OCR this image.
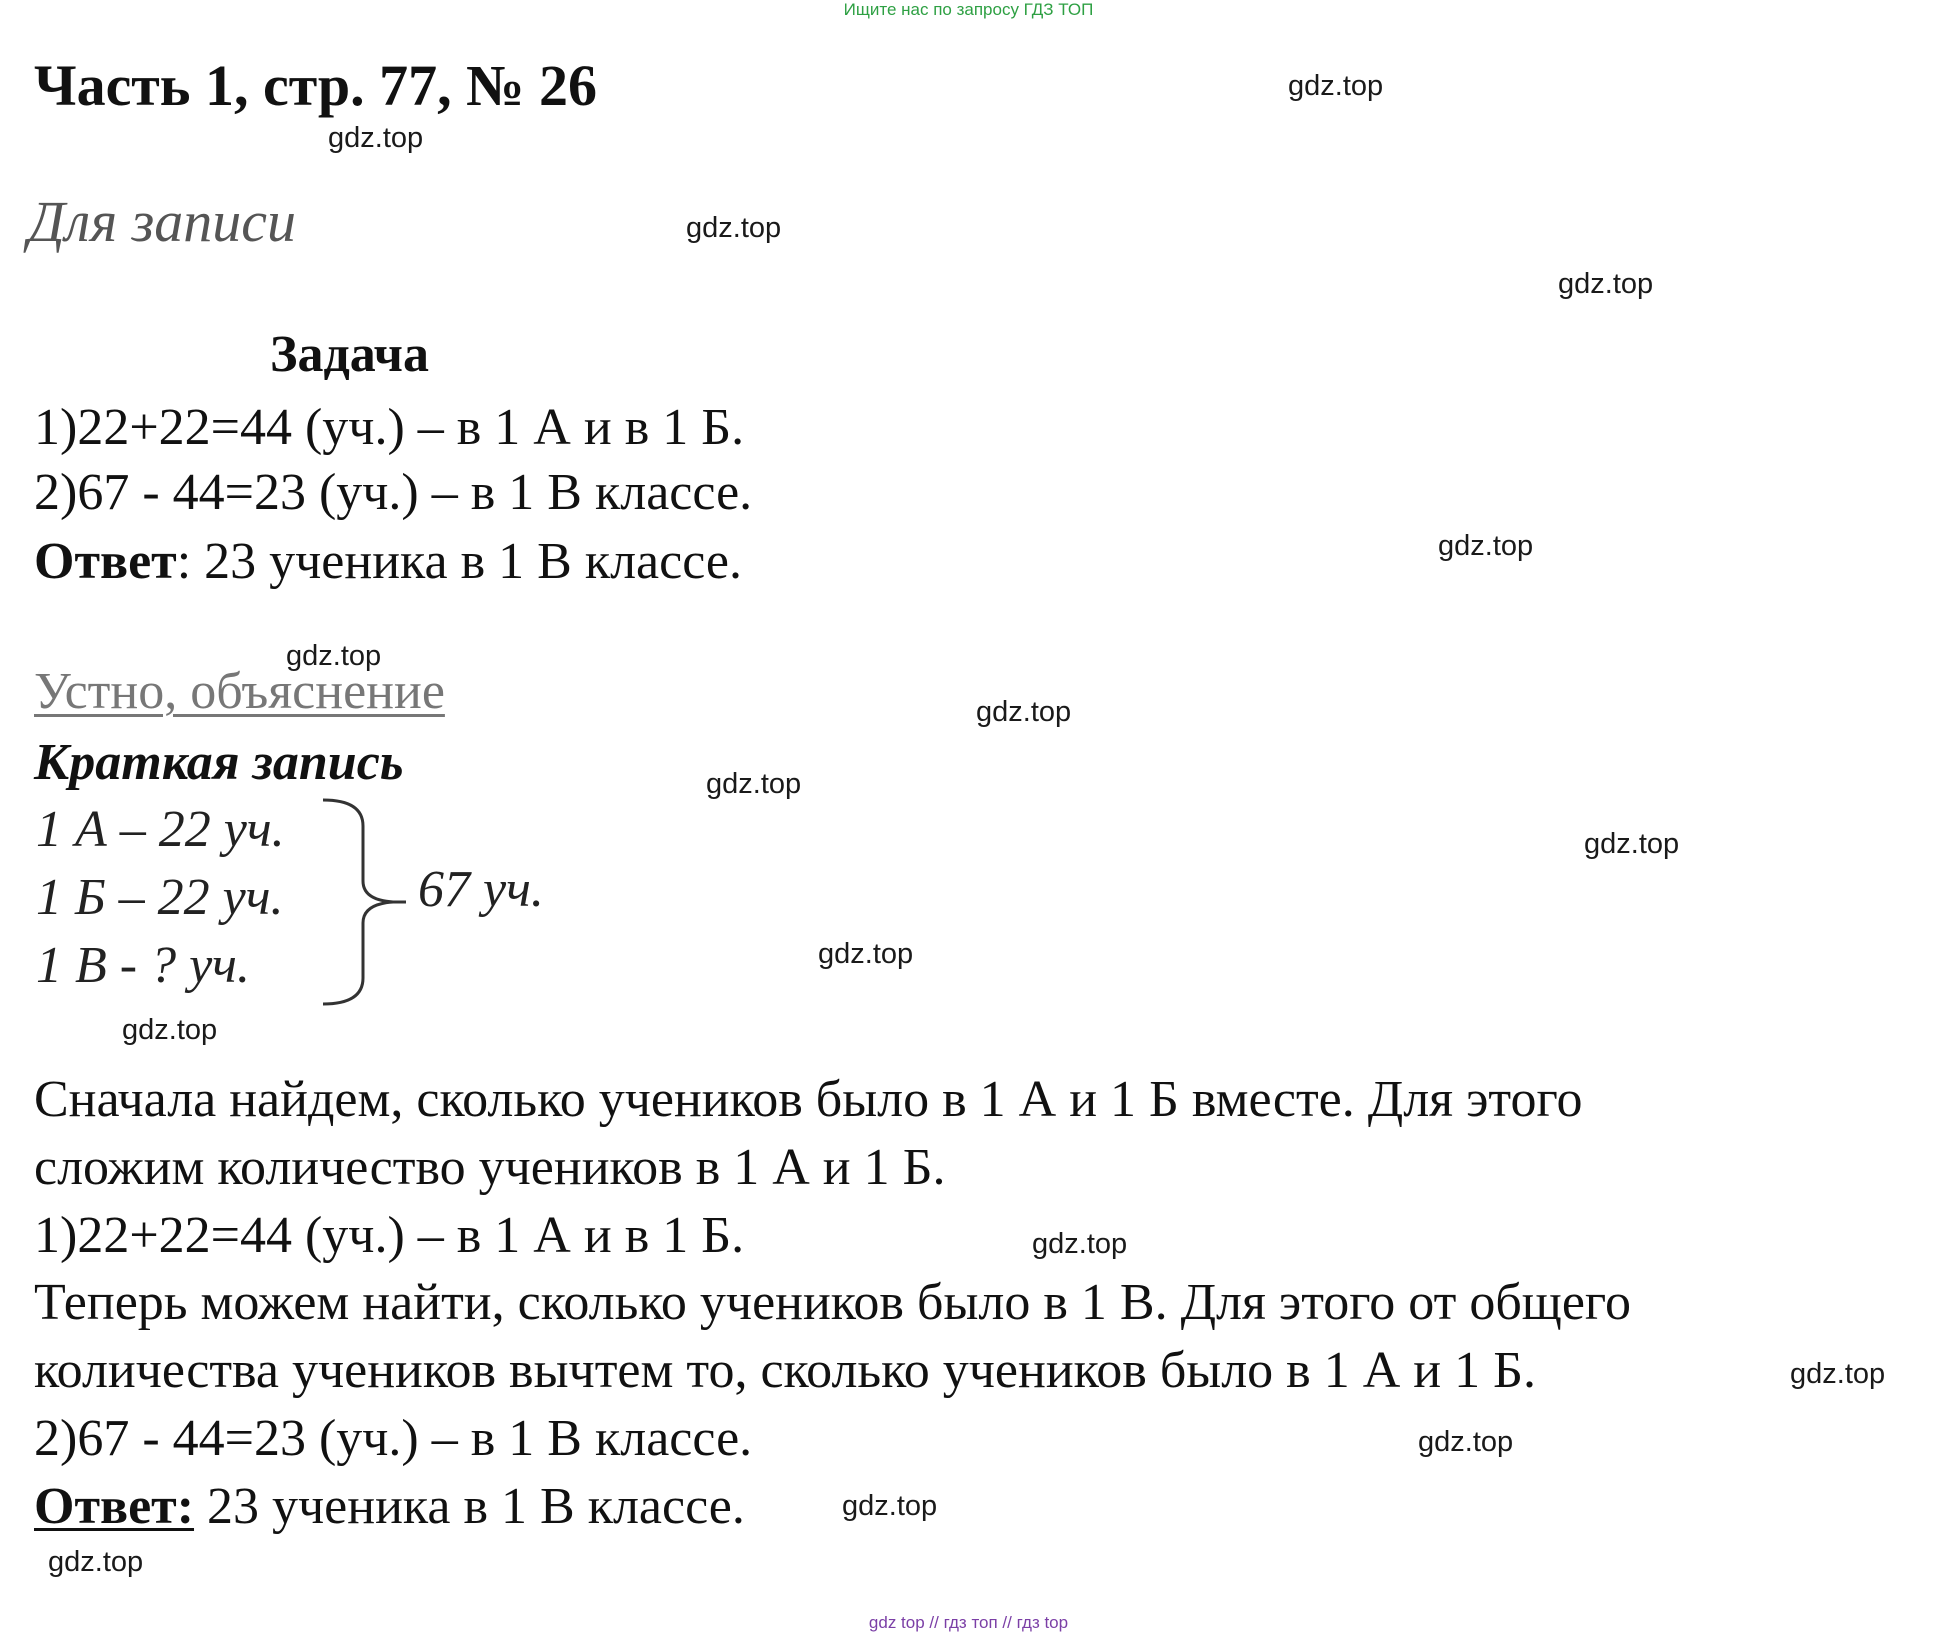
Ищите нас по запросу ГДЗ ТОП
Часть 1, стр. 77, № 26
Для записи
Задача
1)22+22=44 (уч.) – в 1 А и в 1 Б.
2)67 - 44=23 (уч.) – в 1 В классе.
Ответ: 23 ученика в 1 В классе.
Устно, объяснение
Краткая запись
1 А – 22 уч.
1 Б – 22 уч.
1 В - ? уч.
67 уч.
Сначала найдем, сколько учеников было в 1 А и 1 Б вместе. Для этого
сложим количество учеников в 1 А и 1 Б.
1)22+22=44 (уч.) – в 1 А и в 1 Б.
Теперь можем найти, сколько учеников было в 1 В. Для этого от общего
количества учеников вычтем то, сколько учеников было в 1 А и 1 Б.
2)67 - 44=23 (уч.) – в 1 В классе.
Ответ: 23 ученика в 1 В классе.
gdz.top
gdz.top
gdz.top
gdz.top
gdz.top
gdz.top
gdz.top
gdz.top
gdz.top
gdz.top
gdz.top
gdz.top
gdz.top
gdz.top
gdz.top
gdz.top
gdz top // гдз топ // гдз top
